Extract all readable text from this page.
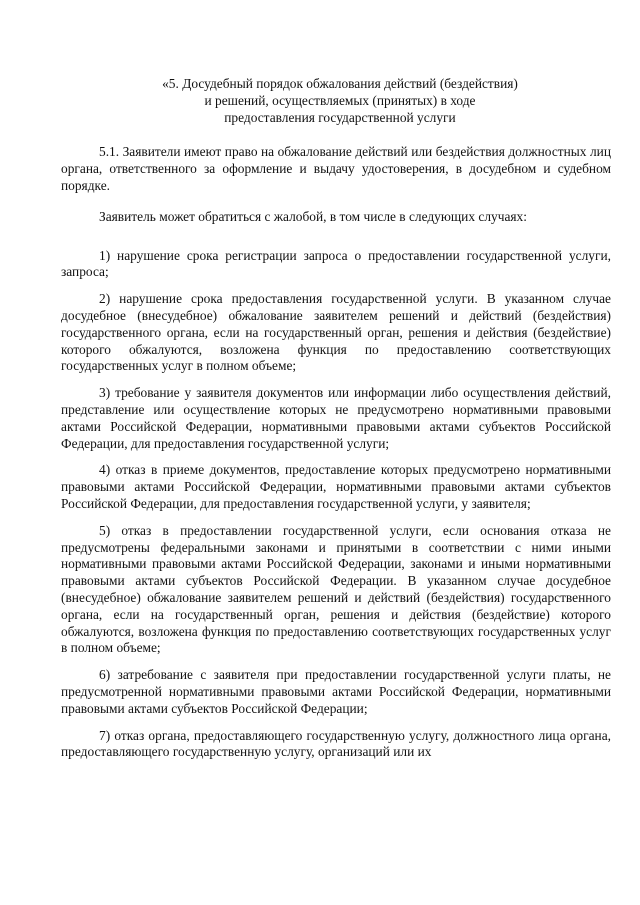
«5. Досудебный порядок обжалования действий (бездействия)
и решений, осуществляемых (принятых) в ходе
предоставления государственной услуги

5.1. Заявители имеют право на обжалование действий или бездействия должностных лиц органа, ответственного за оформление и выдачу удостоверения, в досудебном и судебном порядке.

Заявитель может обратиться с жалобой, в том числе в следующих случаях:

1) нарушение срока регистрации запроса о предоставлении государственной услуги, запроса;

2) нарушение срока предоставления государственной услуги. В указанном случае досудебное (внесудебное) обжалование заявителем решений и действий (бездействия) государственного органа, если на государственный орган, решения и действия (бездействие) которого обжалуются, возложена функция по предоставлению соответствующих государственных услуг в полном объеме;

3) требование у заявителя документов или информации либо осуществления действий, представление или осуществление которых не предусмотрено нормативными правовыми актами Российской Федерации, нормативными правовыми актами субъектов Российской Федерации, для предоставления государственной услуги;

4) отказ в приеме документов, предоставление которых предусмотрено нормативными правовыми актами Российской Федерации, нормативными правовыми актами субъектов Российской Федерации, для предоставления государственной услуги, у заявителя;

5) отказ в предоставлении государственной услуги, если основания отказа не предусмотрены федеральными законами и принятыми в соответствии с ними иными нормативными правовыми актами Российской Федерации, законами и иными нормативными правовыми актами субъектов Российской Федерации. В указанном случае досудебное (внесудебное) обжалование заявителем решений и действий (бездействия) государственного органа, если на государственный орган, решения и действия (бездействие) которого обжалуются, возложена функция по предоставлению соответствующих государственных услуг в полном объеме;

6) затребование с заявителя при предоставлении государственной услуги платы, не предусмотренной нормативными правовыми актами Российской Федерации, нормативными правовыми актами субъектов Российской Федерации;

7) отказ органа, предоставляющего государственную услугу, должностного лица органа, предоставляющего государственную услугу, организаций или их
